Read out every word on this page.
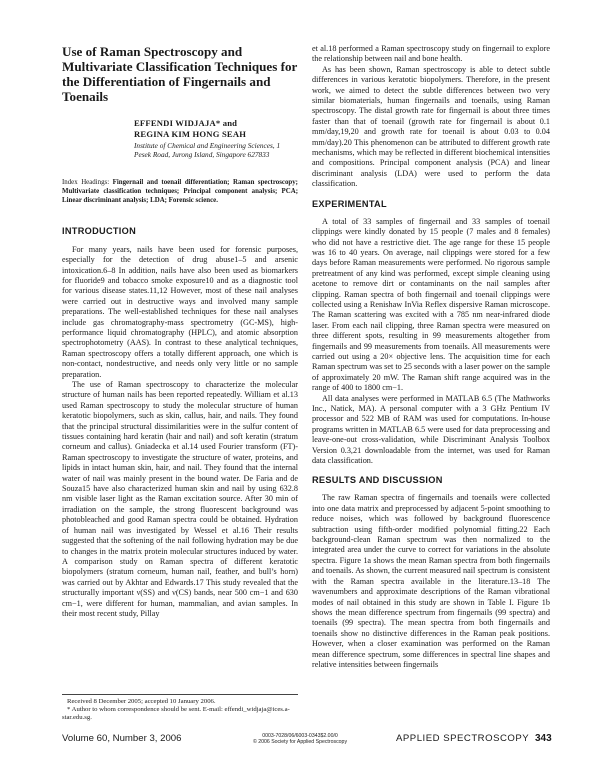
Use of Raman Spectroscopy and Multivariate Classification Techniques for the Differentiation of Fingernails and Toenails
EFFENDI WIDJAJA* and
REGINA KIM HONG SEAH
Institute of Chemical and Engineering Sciences, 1 Pesek Road, Jurong Island, Singapore 627833
Index Headings: Fingernail and toenail differentiation; Raman spectroscopy; Multivariate classification techniques; Principal component analysis; PCA; Linear discriminant analysis; LDA; Forensic science.
INTRODUCTION

For many years, nails have been used for forensic purposes, especially for the detection of drug abuse1–5 and arsenic intoxication.6–8 In addition, nails have also been used as biomarkers for fluoride9 and tobacco smoke exposure10 and as a diagnostic tool for various disease states.11,12 However, most of these nail analyses were carried out in destructive ways and involved many sample preparations. The well-established techniques for these nail analyses include gas chromatography-mass spectrometry (GC-MS), high-performance liquid chromatography (HPLC), and atomic absorption spectrophotometry (AAS). In contrast to these analytical techniques, Raman spectroscopy offers a totally different approach, one which is non-contact, nondestructive, and needs only very little or no sample preparation.

The use of Raman spectroscopy to characterize the molecular structure of human nails has been reported repeatedly. William et al.13 used Raman spectroscopy to study the molecular structure of human keratotic biopolymers, such as skin, callus, hair, and nails. They found that the principal structural dissimilarities were in the sulfur content of tissues containing hard keratin (hair and nail) and soft keratin (stratum corneum and callus). Gniadecka et al.14 used Fourier transform (FT)-Raman spectroscopy to investigate the structure of water, proteins, and lipids in intact human skin, hair, and nail. They found that the internal water of nail was mainly present in the bound water. De Faria and de Souza15 have also characterized human skin and nail by using 632.8 nm visible laser light as the Raman excitation source. After 30 min of irradiation on the sample, the strong fluorescent background was photobleached and good Raman spectra could be obtained. Hydration of human nail was investigated by Wessel et al.16 Their results suggested that the softening of the nail following hydration may be due to changes in the matrix protein molecular structures induced by water. A comparison study on Raman spectra of different keratotic biopolymers (stratum corneum, human nail, feather, and bull’s horn) was carried out by Akhtar and Edwards.17 This study revealed that the structurally important ν(SS) and ν(CS) bands, near 500 cm−1 and 630 cm−1, were different for human, mammalian, and avian samples. In their most recent study, Pillay

et al.18 performed a Raman spectroscopy study on fingernail to explore the relationship between nail and bone health.

As has been shown, Raman spectroscopy is able to detect subtle differences in various keratotic biopolymers. Therefore, in the present work, we aimed to detect the subtle differences between two very similar biomaterials, human fingernails and toenails, using Raman spectroscopy. The distal growth rate for fingernail is about three times faster than that of toenail (growth rate for fingernail is about 0.1 mm/day,19,20 and growth rate for toenail is about 0.03 to 0.04 mm/day).20 This phenomenon can be attributed to different growth rate mechanisms, which may be reflected in different biochemical intensities and compositions. Principal component analysis (PCA) and linear discriminant analysis (LDA) were used to perform the data classification.

EXPERIMENTAL

A total of 33 samples of fingernail and 33 samples of toenail clippings were kindly donated by 15 people (7 males and 8 females) who did not have a restrictive diet. The age range for these 15 people was 16 to 40 years. On average, nail clippings were stored for a few days before Raman measurements were performed. No rigorous sample pretreatment of any kind was performed, except simple cleaning using acetone to remove dirt or contaminants on the nail samples after clipping. Raman spectra of both fingernail and toenail clippings were collected using a Renishaw InVia Reflex dispersive Raman microscope. The Raman scattering was excited with a 785 nm near-infrared diode laser. From each nail clipping, three Raman spectra were measured on three different spots, resulting in 99 measurements altogether from fingernails and 99 measurements from toenails. All measurements were carried out using a 20× objective lens. The acquisition time for each Raman spectrum was set to 25 seconds with a laser power on the sample of approximately 20 mW. The Raman shift range acquired was in the range of 400 to 1800 cm−1.

All data analyses were performed in MATLAB 6.5 (The Mathworks Inc., Natick, MA). A personal computer with a 3 GHz Pentium IV processor and 522 MB of RAM was used for computations. In-house programs written in MATLAB 6.5 were used for data preprocessing and leave-one-out cross-validation, while Discriminant Analysis Toolbox Version 0.3,21 downloadable from the internet, was used for Raman data classification.

RESULTS AND DISCUSSION

The raw Raman spectra of fingernails and toenails were collected into one data matrix and preprocessed by adjacent 5-point smoothing to reduce noises, which was followed by background fluorescence subtraction using fifth-order modified polynomial fitting.22 Each background-clean Raman spectrum was then normalized to the integrated area under the curve to correct for variations in the absolute spectra. Figure 1a shows the mean Raman spectra from both fingernails and toenails. As shown, the current measured nail spectrum is consistent with the Raman spectra available in the literature.13–18 The wavenumbers and approximate descriptions of the Raman vibrational modes of nail obtained in this study are shown in Table I. Figure 1b shows the mean difference spectrum from fingernails (99 spectra) and toenails (99 spectra). The mean spectra from both fingernails and toenails show no distinctive differences in the Raman peak positions. However, when a closer examination was performed on the Raman mean difference spectrum, some differences in spectral line shapes and relative intensities between fingernails

Received 8 December 2005; accepted 10 January 2006.
* Author to whom correspondence should be sent. E-mail: effendi_widjaja@ices.a-star.edu.sg.
Volume 60, Number 3, 2006	0003-7028/06/6003-0343$2.00/0
© 2006 Society for Applied Spectroscopy	APPLIED SPECTROSCOPY 343
